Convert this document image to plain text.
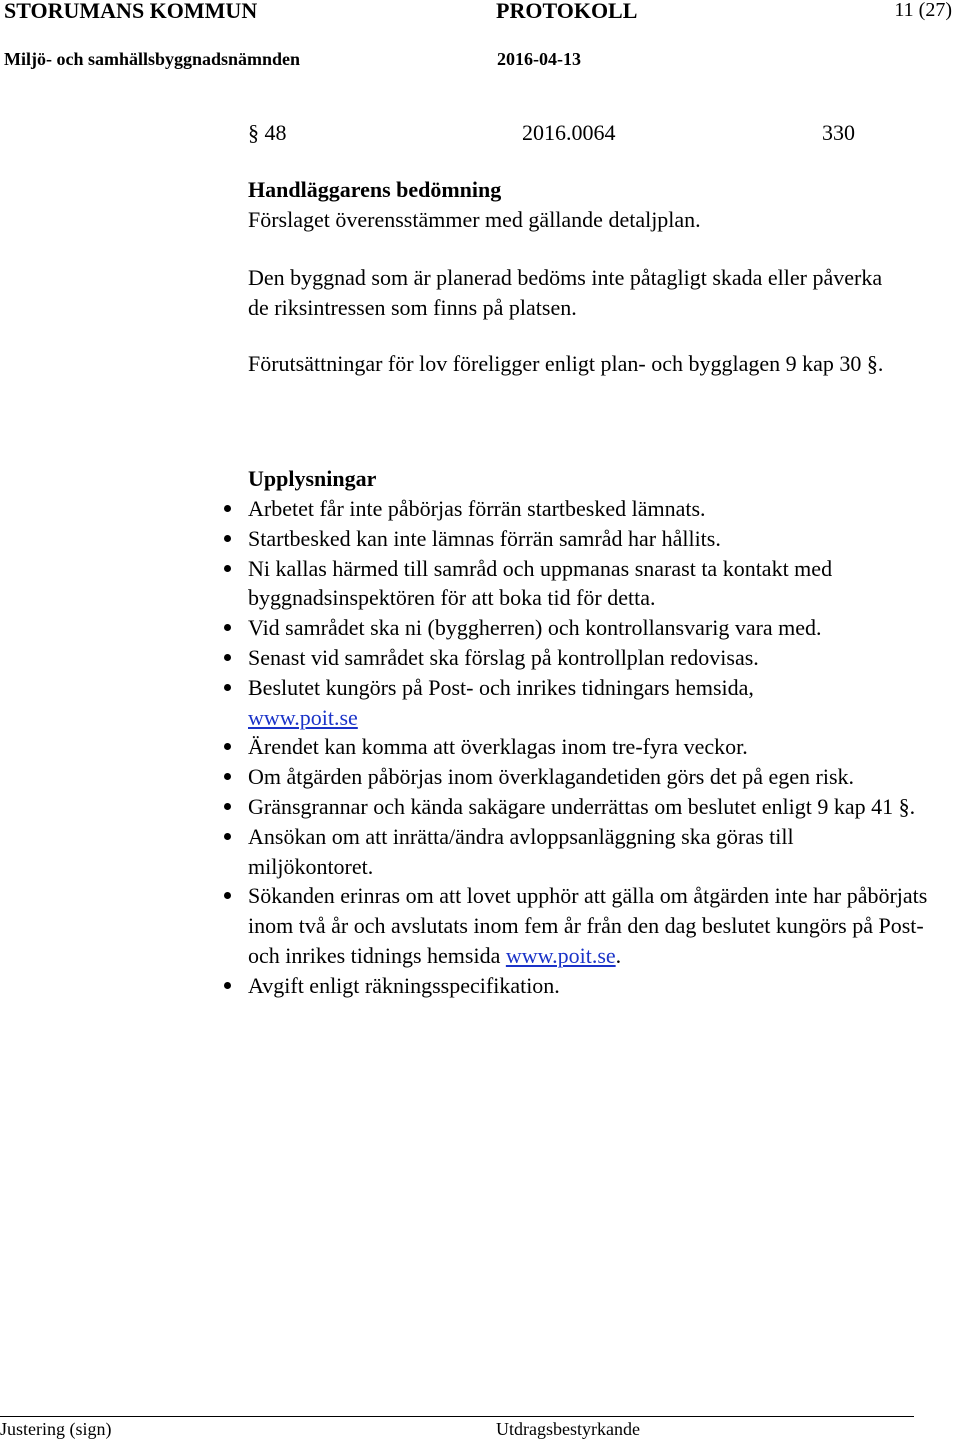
STORUMANS KOMMUN	PROTOKOLL	11 (27)
Miljö- och samhällsbyggnadsnämnden	2016-04-13
§ 48	2016.0064	330

Handläggarens bedömning

Förslaget överensstämmer med gällande detaljplan.

Den byggnad som är planerad bedöms inte påtagligt skada eller påverka de riksintressen som finns på platsen.

Förutsättningar för lov föreligger enligt plan- och bygglagen 9 kap 30 §.

Upplysningar

Arbetet får inte påbörjas förrän startbesked lämnats.
Startbesked kan inte lämnas förrän samråd har hållits.
Ni kallas härmed till samråd och uppmanas snarast ta kontakt med byggnadsinspektören för att boka tid för detta.
Vid samrådet ska ni (byggherren) och kontrollansvarig vara med.
Senast vid samrådet ska förslag på kontrollplan redovisas.
Beslutet kungörs på Post- och inrikes tidningars hemsida,
www.poit.se
Ärendet kan komma att överklagas inom tre-fyra veckor.
Om åtgärden påbörjas inom överklagandetiden görs det på egen risk.
Gränsgrannar och kända sakägare underrättas om beslutet enligt 9 kap 41 §.
Ansökan om att inrätta/ändra avloppsanläggning ska göras till miljökontoret.
Sökanden erinras om att lovet upphör att gälla om åtgärden inte har påbörjats inom två år och avslutats inom fem år från den dag beslutet kungörs på Post- och inrikes tidnings hemsida www.poit.se.
Avgift enligt räkningsspecifikation.
Justering (sign)	Utdragsbestyrkande
